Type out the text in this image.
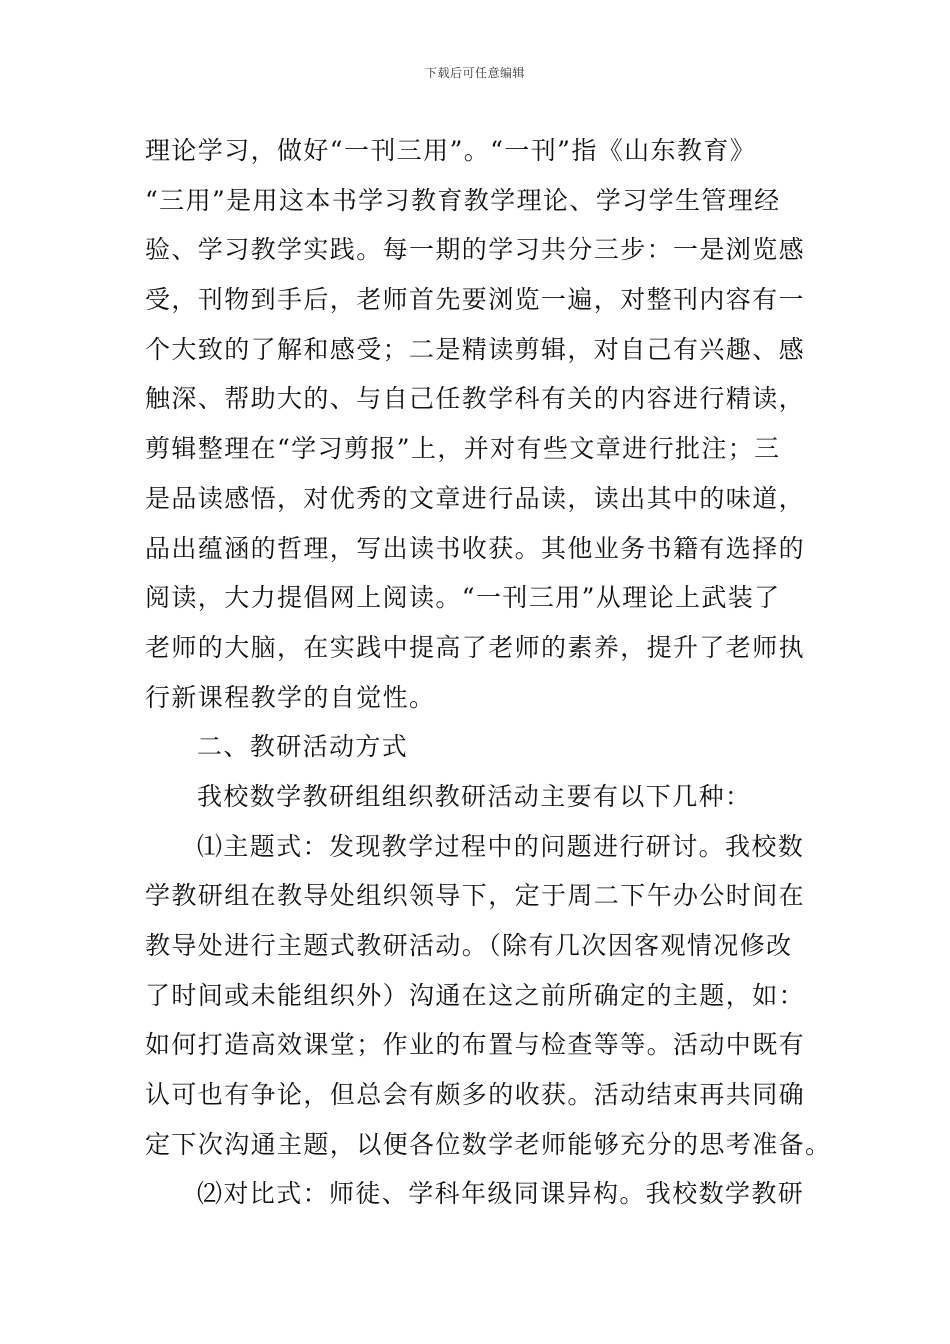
下载后可任意编辑
理论学习，做好“一刊三用”。“一刊”指《山东教育》
“三用”是用这本书学习教育教学理论、学习学生管理经
验、学习教学实践。每一期的学习共分三步：一是浏览感
受，刊物到手后，老师首先要浏览一遍，对整刊内容有一
个大致的了解和感受；二是精读剪辑，对自己有兴趣、感
触深、帮助大的、与自己任教学科有关的内容进行精读，
剪辑整理在“学习剪报”上，并对有些文章进行批注；三
是品读感悟，对优秀的文章进行品读，读出其中的味道，
品出蕴涵的哲理，写出读书收获。其他业务书籍有选择的
阅读，大力提倡网上阅读。“一刊三用”从理论上武装了
老师的大脑，在实践中提高了老师的素养，提升了老师执
行新课程教学的自觉性。
二、教研活动方式
我校数学教研组组织教研活动主要有以下几种：
⑴主题式：发现教学过程中的问题进行研讨。我校数
学教研组在教导处组织领导下，定于周二下午办公时间在
教导处进行主题式教研活动。（除有几次因客观情况修改
了时间或未能组织外）沟通在这之前所确定的主题，如：
如何打造高效课堂；作业的布置与检查等等。活动中既有
认可也有争论，但总会有颇多的收获。活动结束再共同确
定下次沟通主题，以便各位数学老师能够充分的思考准备。
⑵对比式：师徒、学科年级同课异构。我校数学教研
